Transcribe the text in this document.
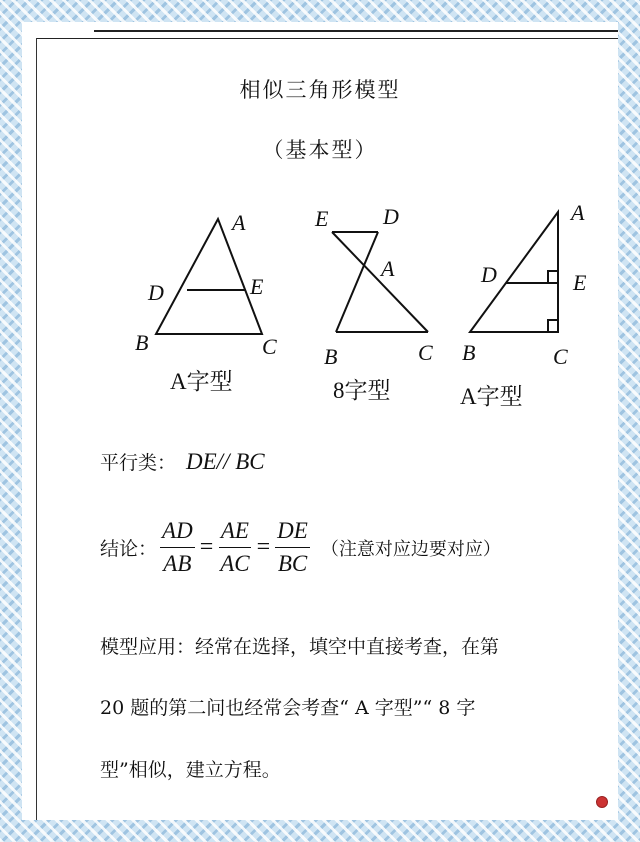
相似三角形模型
（基本型）
A
D	E
B	C
A字型
E D
A
B	C
8字型
A
D	E
B	C
A字型
平行类： DE// BC
结论： $\frac{AD}{AB} = \frac{AE}{AC} = \frac{DE}{BC}$ （注意对应边要对应）
模型应用：经常在选择，填空中直接考查，在第
20 题的第二问也经常会考查“ A 字型”“ 8 字
型”相似，建立方程。
